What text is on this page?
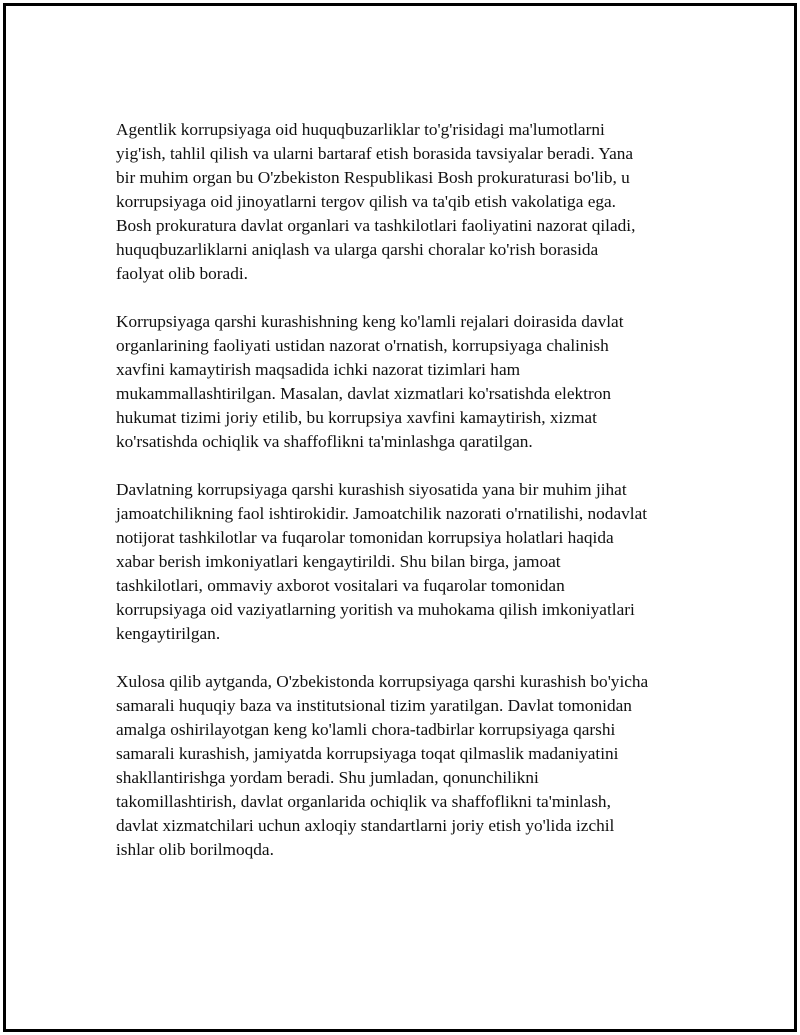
Agentlik korrupsiyaga oid huquqbuzarliklar to'g'risidagi ma'lumotlarni
yig'ish, tahlil qilish va ularni bartaraf etish borasida tavsiyalar beradi. Yana
bir muhim organ bu O'zbekiston Respublikasi Bosh prokuraturasi bo'lib, u
korrupsiyaga oid jinoyatlarni tergov qilish va ta'qib etish vakolatiga ega.
Bosh prokuratura davlat organlari va tashkilotlari faoliyatini nazorat qiladi,
huquqbuzarliklarni aniqlash va ularga qarshi choralar ko'rish borasida
faolyat olib boradi.

Korrupsiyaga qarshi kurashishning keng ko'lamli rejalari doirasida davlat
organlarining faoliyati ustidan nazorat o'rnatish, korrupsiyaga chalinish
xavfini kamaytirish maqsadida ichki nazorat tizimlari ham
mukammallashtirilgan. Masalan, davlat xizmatlari ko'rsatishda elektron
hukumat tizimi joriy etilib, bu korrupsiya xavfini kamaytirish, xizmat
ko'rsatishda ochiqlik va shaffoflikni ta'minlashga qaratilgan.

Davlatning korrupsiyaga qarshi kurashish siyosatida yana bir muhim jihat
jamoatchilikning faol ishtirokidir. Jamoatchilik nazorati o'rnatilishi, nodavlat
notijorat tashkilotlar va fuqarolar tomonidan korrupsiya holatlari haqida
xabar berish imkoniyatlari kengaytirildi. Shu bilan birga, jamoat
tashkilotlari, ommaviy axborot vositalari va fuqarolar tomonidan
korrupsiyaga oid vaziyatlarning yoritish va muhokama qilish imkoniyatlari
kengaytirilgan.

Xulosa qilib aytganda, O'zbekistonda korrupsiyaga qarshi kurashish bo'yicha
samarali huquqiy baza va institutsional tizim yaratilgan. Davlat tomonidan
amalga oshirilayotgan keng ko'lamli chora-tadbirlar korrupsiyaga qarshi
samarali kurashish, jamiyatda korrupsiyaga toqat qilmaslik madaniyatini
shakllantirishga yordam beradi. Shu jumladan, qonunchilikni
takomillashtirish, davlat organlarida ochiqlik va shaffoflikni ta'minlash,
davlat xizmatchilari uchun axloqiy standartlarni joriy etish yo'lida izchil
ishlar olib borilmoqda.
